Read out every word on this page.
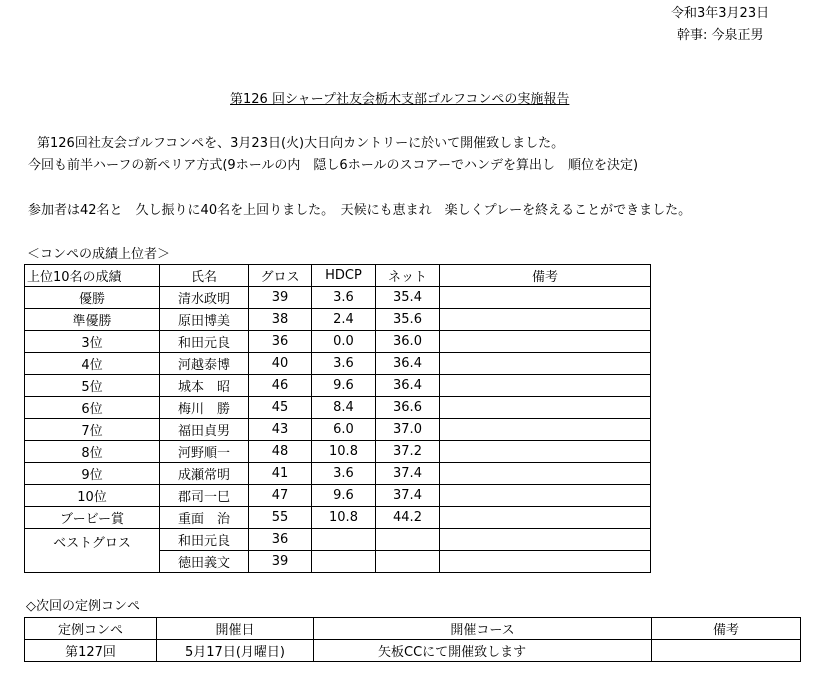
令和3年3月23日
幹事: 今泉正男
第126 回シャープ社友会栃木支部ゴルフコンペの実施報告
第126回社友会ゴルフコンペを、3月23日(火)大日向カントリーに於いて開催致しました。
今回も前半ハーフの新ペリア方式(9ホールの内　隠し6ホールのスコアーでハンデを算出し　順位を決定)
参加者は42名と　久し振りに40名を上回りました。　天候にも恵まれ　楽しくプレーを終えることができました。
＜コンペの成績上位者＞
上位10名の成績	氏名	グロス	HDCP	ネット	備考
優勝	清水政明	39	3.6	35.4	
準優勝	原田博美	38	2.4	35.6	
3位	和田元良	36	0.0	36.0	
4位	河越泰博	40	3.6	36.4	
5位	城本　昭	46	9.6	36.4	
6位	梅川　勝	45	8.4	36.6	
7位	福田貞男	43	6.0	37.0	
8位	河野順一	48	10.8	37.2	
9位	成瀬常明	41	3.6	37.4	
10位	郡司一巳	47	9.6	37.4	
ブービー賞	重面　治	55	10.8	44.2	
ベストグロス	和田元良	36			
	徳田義文	39			
◇次回の定例コンペ
定例コンペ	開催日	開催コース	備考
第127回	5月17日(月曜日)	矢板CCにて開催致します	
